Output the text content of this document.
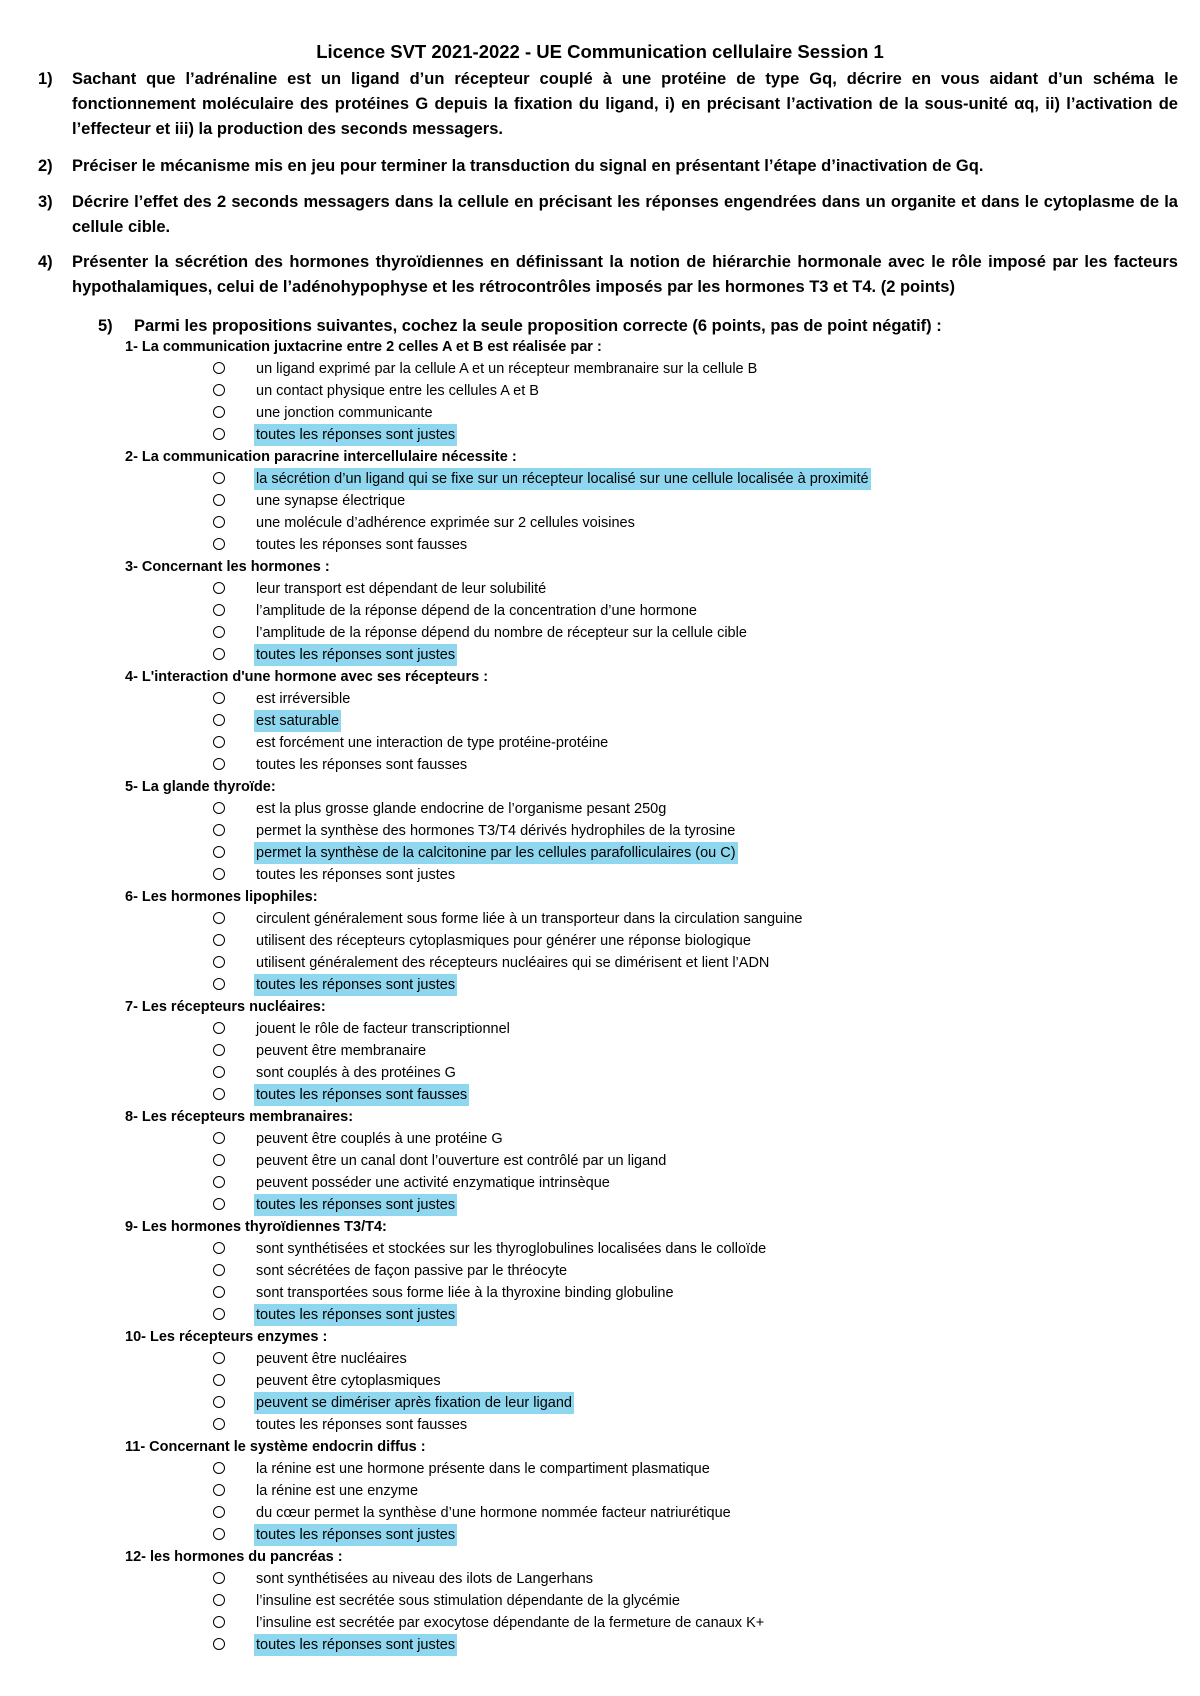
Licence SVT 2021-2022 - UE Communication cellulaire Session 1
1)	Sachant que l’adrénaline est un ligand d’un récepteur couplé à une protéine de type Gq, décrire en vous aidant d’un schéma le fonctionnement moléculaire des protéines G depuis la fixation du ligand, i) en précisant l’activation de la sous-unité αq, ii) l’activation de l’effecteur et iii) la production des seconds messagers.
2)	Préciser le mécanisme mis en jeu pour terminer la transduction du signal en présentant l’étape d’inactivation de Gq.
3)	Décrire l’effet des 2 seconds messagers dans la cellule en précisant les réponses engendrées dans un organite et dans le cytoplasme de la cellule cible.
4)	Présenter la sécrétion des hormones thyroïdiennes en définissant la notion de hiérarchie hormonale avec le rôle imposé par les facteurs hypothalamiques, celui de l’adénohypophyse et les rétrocontrôles imposés par les hormones T3 et T4. (2 points)
5) Parmi les propositions suivantes, cochez la seule proposition correcte (6 points, pas de point négatif) :
1- La communication juxtacrine entre 2 celles A et B est réalisée par :
un ligand exprimé par la cellule A et un récepteur membranaire sur la cellule B
un contact physique entre les cellules A et B
une jonction communicante
toutes les réponses sont justes
2- La communication paracrine intercellulaire nécessite :
la sécrétion d’un ligand qui se fixe sur un récepteur localisé sur une cellule localisée à proximité
une synapse électrique
une molécule d’adhérence exprimée sur 2 cellules voisines
toutes les réponses sont fausses
3- Concernant les hormones :
leur transport est dépendant de leur solubilité
l’amplitude de la réponse dépend de la concentration d’une hormone
l’amplitude de la réponse dépend du nombre de récepteur sur la cellule cible
toutes les réponses sont justes
4- L'interaction d'une hormone avec ses récepteurs :
est irréversible
est saturable
est forcément une interaction de type protéine-protéine
toutes les réponses sont fausses
5- La glande thyroïde:
est la plus grosse glande endocrine de l’organisme pesant 250g
permet la synthèse des hormones T3/T4 dérivés hydrophiles de la tyrosine
permet la synthèse de la calcitonine par les cellules parafolliculaires (ou C)
toutes les réponses sont justes
6- Les hormones lipophiles:
circulent généralement sous forme liée à un transporteur dans la circulation sanguine
utilisent des récepteurs cytoplasmiques pour générer une réponse biologique
utilisent généralement des récepteurs nucléaires qui se dimérisent et lient l’ADN
toutes les réponses sont justes
7- Les récepteurs nucléaires:
jouent le rôle de facteur transcriptionnel
peuvent être membranaire
sont couplés à des protéines G
toutes les réponses sont fausses
8- Les récepteurs membranaires:
peuvent être couplés à une protéine G
peuvent être un canal dont l’ouverture est contrôlé par un ligand
peuvent posséder une activité enzymatique intrinsèque
toutes les réponses sont justes
9- Les hormones thyroïdiennes T3/T4:
sont synthétisées et stockées sur les thyroglobulines localisées dans le colloïde
sont sécrétées de façon passive par le thréocyte
sont transportées sous forme liée à la thyroxine binding globuline
toutes les réponses sont justes
10- Les récepteurs enzymes :
peuvent être nucléaires
peuvent être cytoplasmiques
peuvent se dimériser après fixation de leur ligand
toutes les réponses sont fausses
11- Concernant le système endocrin diffus :
la rénine est une hormone présente dans le compartiment plasmatique
la rénine est une enzyme
du cœur permet la synthèse d’une hormone nommée facteur natriurétique
toutes les réponses sont justes
12- les hormones du pancréas :
sont synthétisées au niveau des ilots de Langerhans
l’insuline est secrétée sous stimulation dépendante de la glycémie
l’insuline est secrétée par exocytose dépendante de la fermeture de canaux K+
toutes les réponses sont justes
